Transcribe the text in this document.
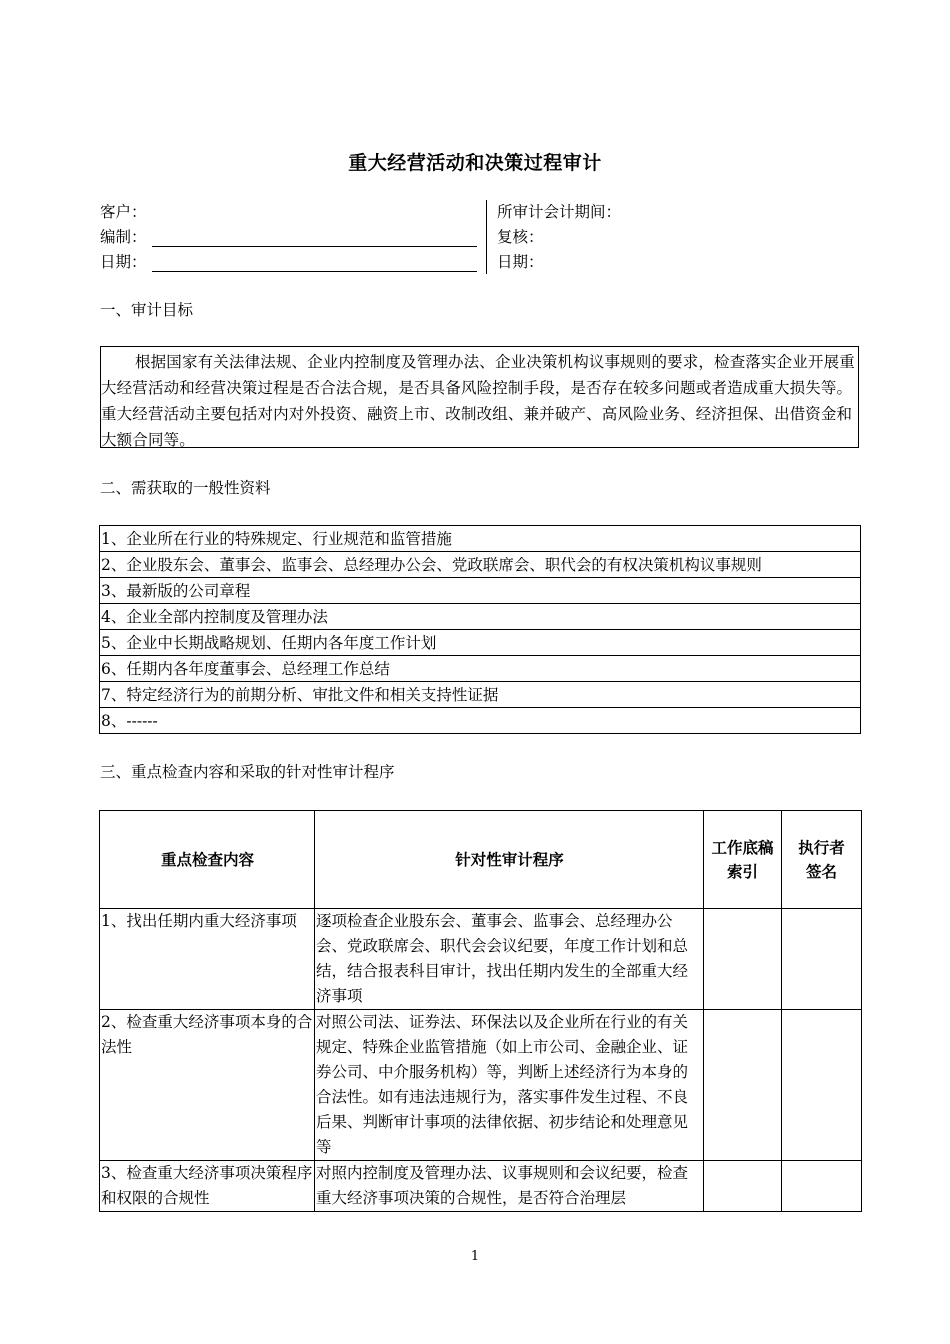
重大经营活动和决策过程审计
客户：
编制：
日期：
所审计会计期间：
复核：
日期：
一、审计目标
根据国家有关法律法规、企业内控制度及管理办法、企业决策机构议事规则的要求，检查落实企业开展重大经营活动和经营决策过程是否合法合规，是否具备风险控制手段，是否存在较多问题或者造成重大损失等。重大经营活动主要包括对内对外投资、融资上市、改制改组、兼并破产、高风险业务、经济担保、出借资金和大额合同等。
二、需获取的一般性资料
1、企业所在行业的特殊规定、行业规范和监管措施
2、企业股东会、董事会、监事会、总经理办公会、党政联席会、职代会的有权决策机构议事规则
3、最新版的公司章程
4、企业全部内控制度及管理办法
5、企业中长期战略规划、任期内各年度工作计划
6、任期内各年度董事会、总经理工作总结
7、特定经济行为的前期分析、审批文件和相关支持性证据
8、------
三、重点检查内容和采取的针对性审计程序
重点检查内容	针对性审计程序	工作底稿索引	执行者签名
1、找出任期内重大经济事项	逐项检查企业股东会、董事会、监事会、总经理办公会、党政联席会、职代会会议纪要，年度工作计划和总结，结合报表科目审计，找出任期内发生的全部重大经济事项		
2、检查重大经济事项本身的合法性	对照公司法、证券法、环保法以及企业所在行业的有关规定、特殊企业监管措施（如上市公司、金融企业、证券公司、中介服务机构）等，判断上述经济行为本身的合法性。如有违法违规行为，落实事件发生过程、不良后果、判断审计事项的法律依据、初步结论和处理意见等		
3、检查重大经济事项决策程序和权限的合规性	对照内控制度及管理办法、议事规则和会议纪要，检查重大经济事项决策的合规性，是否符合治理层		
1
